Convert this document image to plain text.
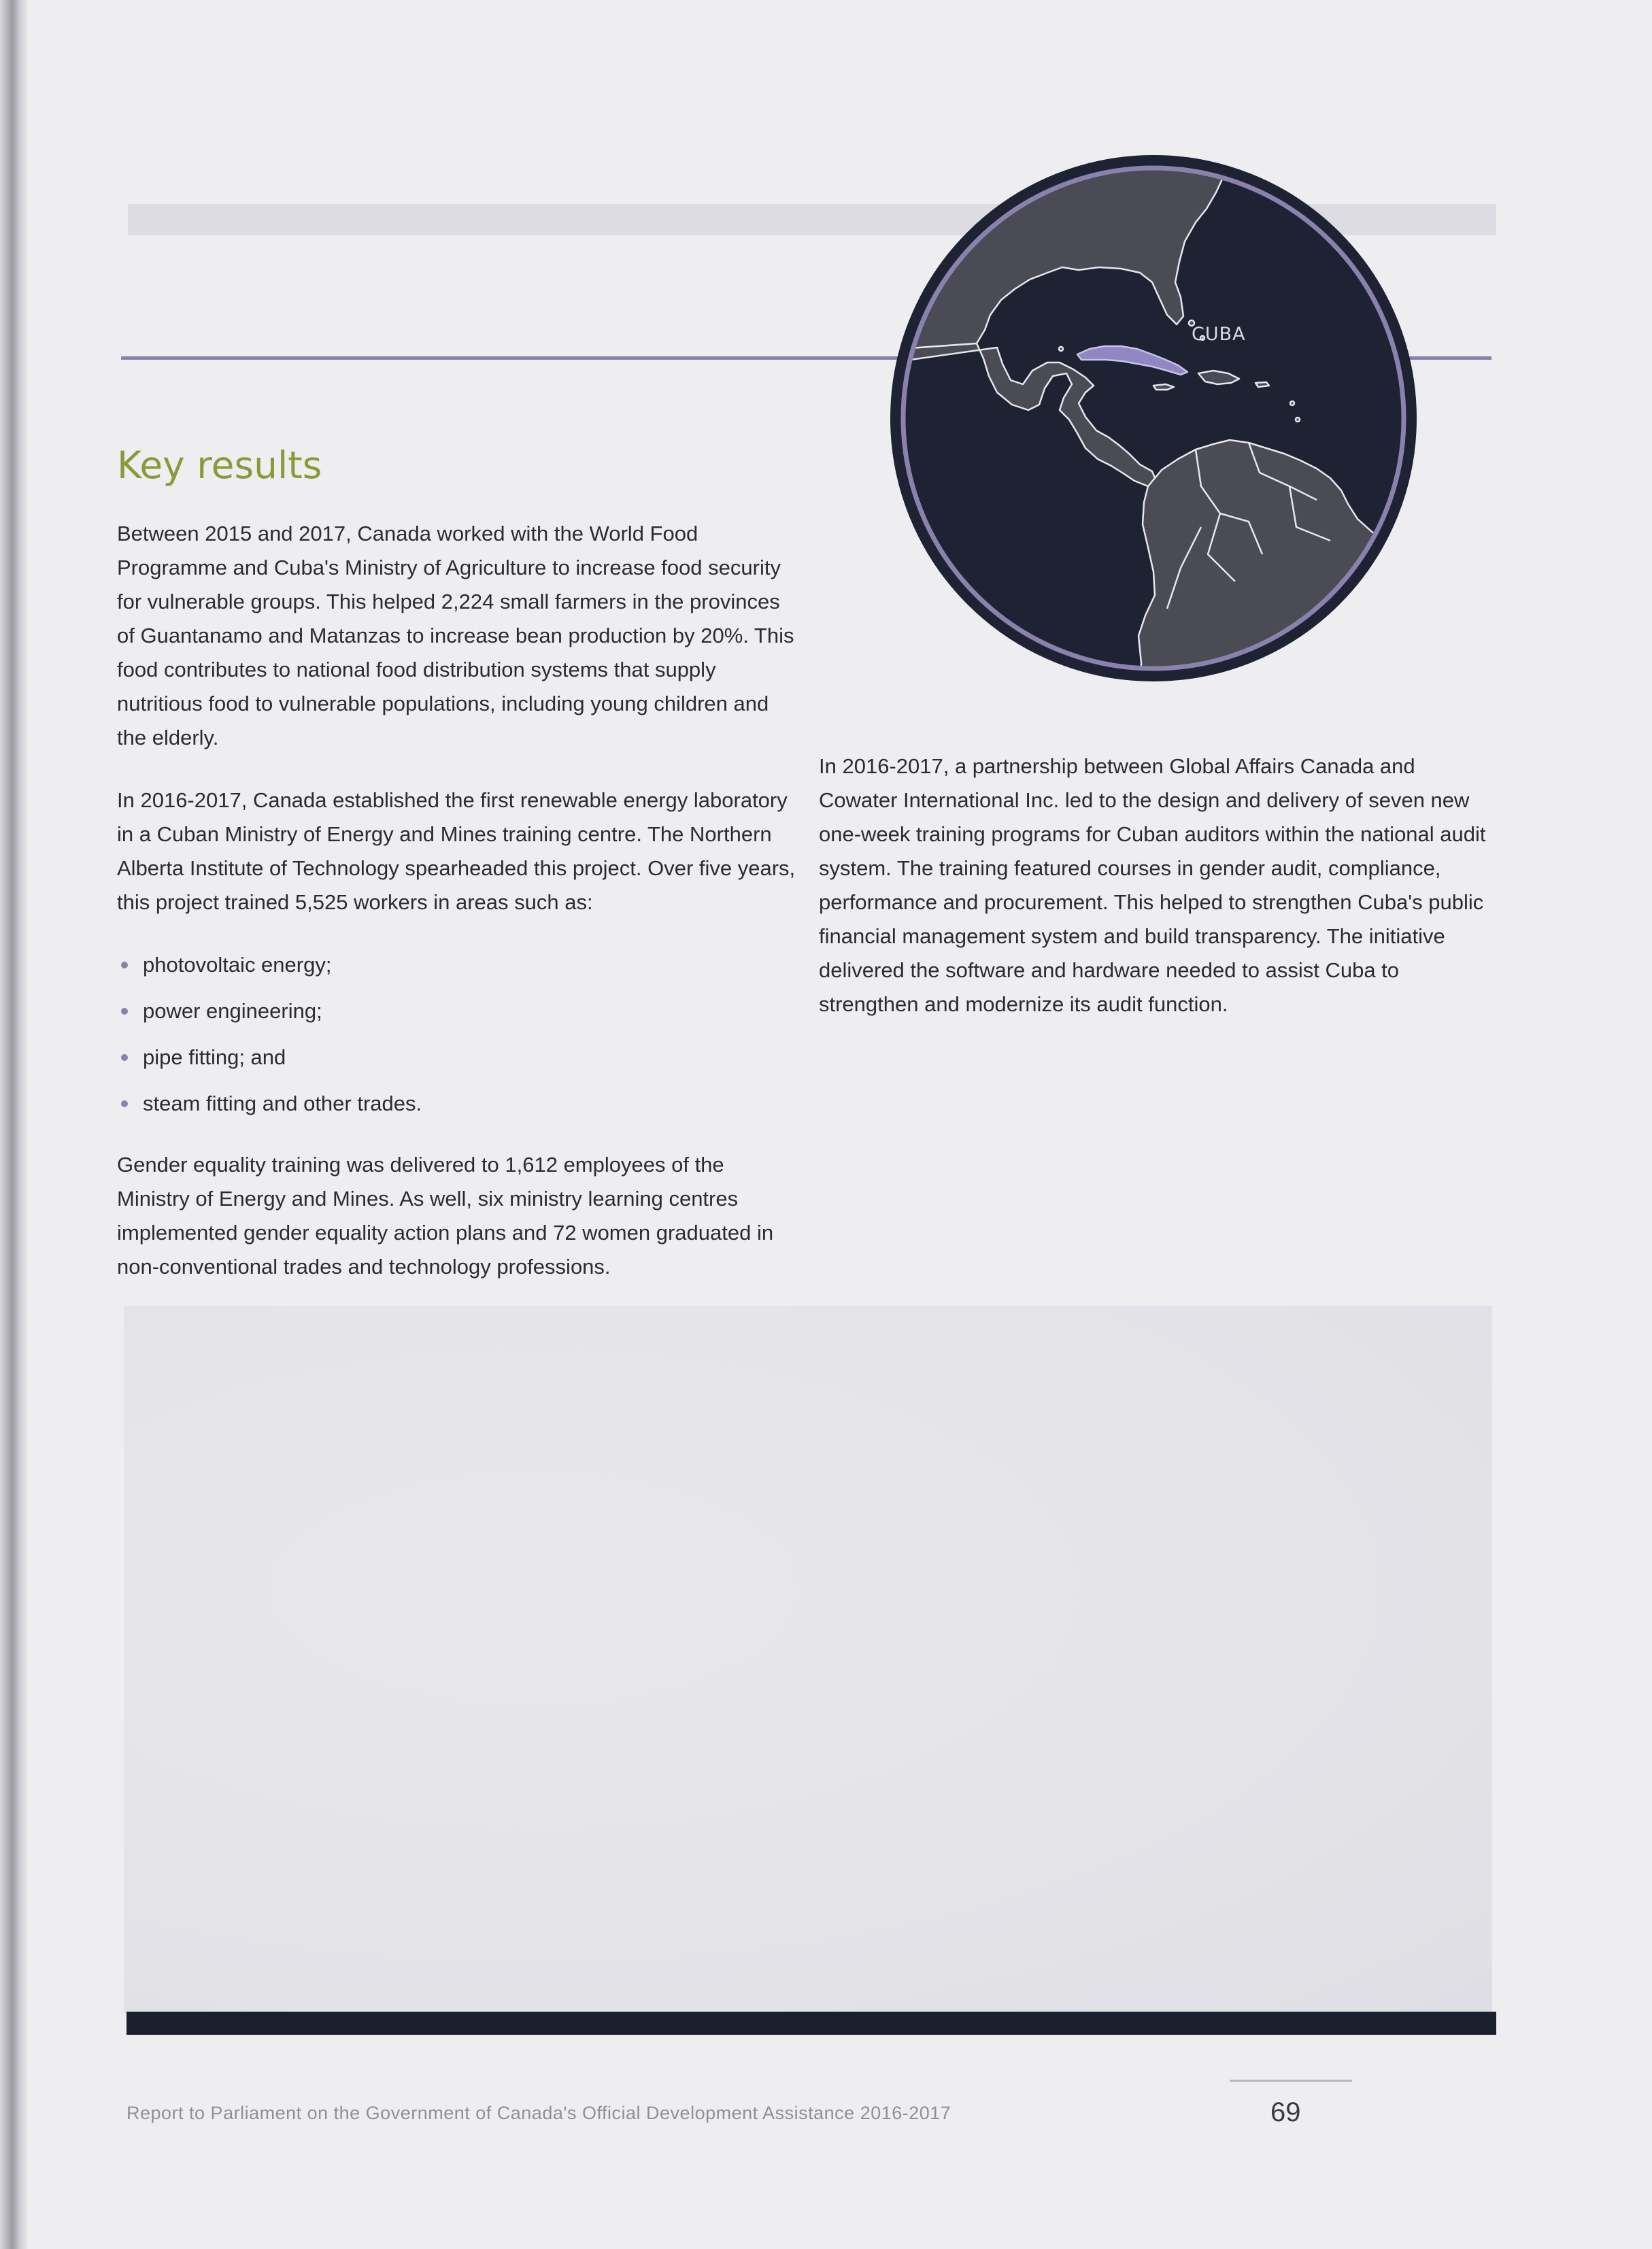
Key results

Between 2015 and 2017, Canada worked with the World Food Programme and Cuba's Ministry of Agriculture to increase food security for vulnerable groups. This helped 2,224 small farmers in the provinces of Guantanamo and Matanzas to increase bean production by 20%. This food contributes to national food distribution systems that supply nutritious food to vulnerable populations, including young children and the elderly.

In 2016-2017, Canada established the first renewable energy laboratory in a Cuban Ministry of Energy and Mines training centre. The Northern Alberta Institute of Technology spearheaded this project. Over five years, this project trained 5,525 workers in areas such as:

photovoltaic energy;
power engineering;
pipe fitting; and
steam fitting and other trades.

Gender equality training was delivered to 1,612 employees of the Ministry of Energy and Mines. As well, six ministry learning centres implemented gender equality action plans and 72 women graduated in non-conventional trades and technology professions.

In 2016-2017, a partnership between Global Affairs Canada and Cowater International Inc. led to the design and delivery of seven new one-week training programs for Cuban auditors within the national audit system. The training featured courses in gender audit, compliance, performance and procurement. This helped to strengthen Cuba's public financial management system and build transparency. The initiative delivered the software and hardware needed to assist Cuba to strengthen and modernize its audit function.

CUBA
Report to Parliament on the Government of Canada's Official Development Assistance 2016-2017	69
